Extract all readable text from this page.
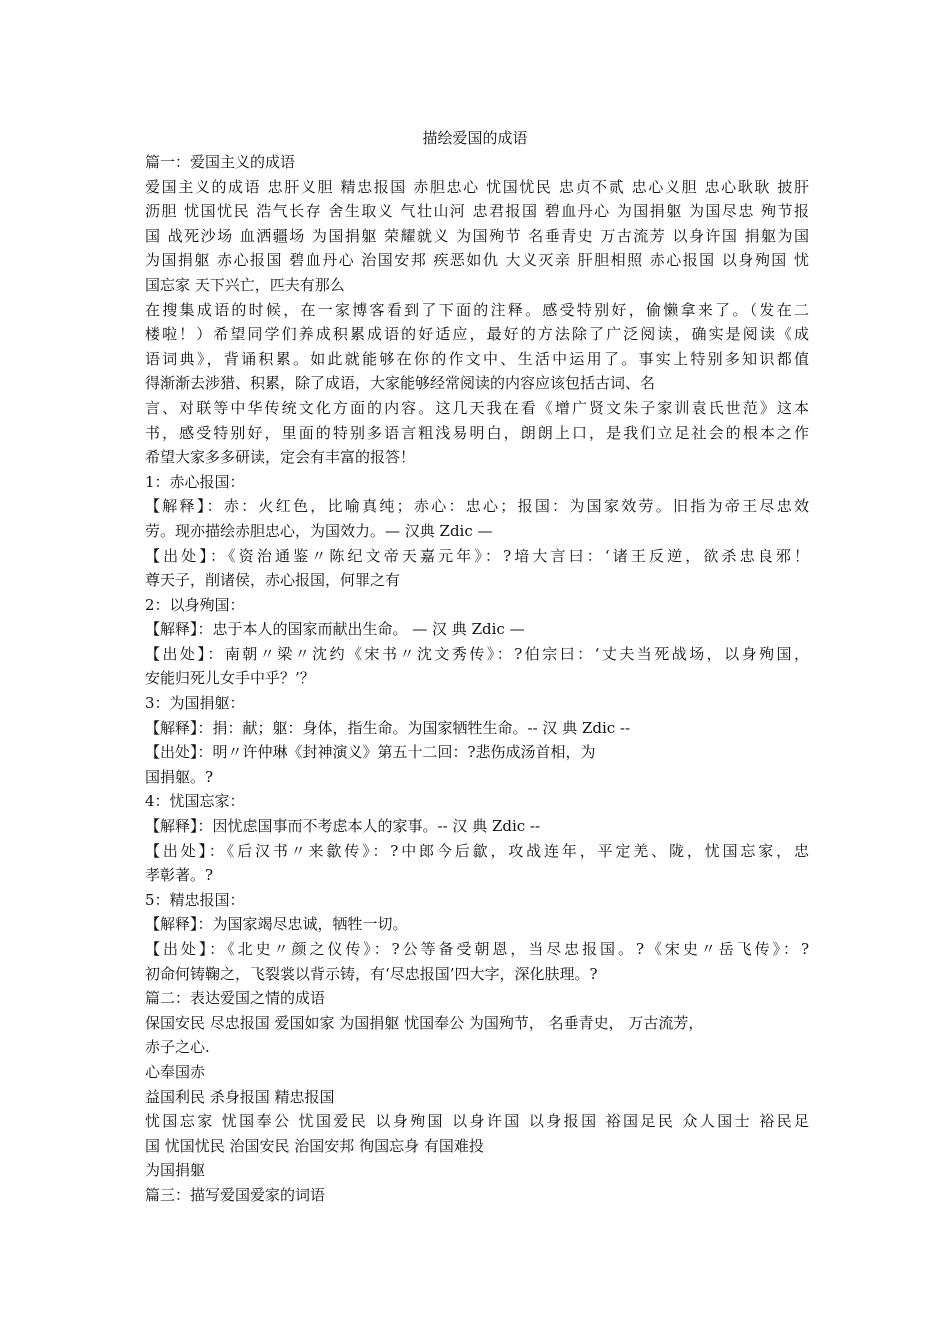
描绘爱国的成语
篇一：爱国主义的成语
爱国主义的成语 忠肝义胆 精忠报国 赤胆忠心 忧国忧民 忠贞不贰 忠心义胆 忠心耿耿 披肝
沥胆 忧国忧民 浩气长存 舍生取义 气壮山河 忠君报国 碧血丹心 为国捐躯 为国尽忠 殉节报
国 战死沙场 血洒疆场 为国捐躯 荣耀就义 为国殉节 名垂青史 万古流芳 以身许国 捐躯为国
为国捐躯 赤心报国 碧血丹心 治国安邦 疾恶如仇 大义灭亲 肝胆相照 赤心报国 以身殉国 忧
国忘家 天下兴亡，匹夫有那么
在搜集成语的时候，在一家博客看到了下面的注释。感受特别好，偷懒拿来了。（发在二
楼啦！）希望同学们养成积累成语的好适应，最好的方法除了广泛阅读，确实是阅读《成
语词典》，背诵积累。如此就能够在你的作文中、生活中运用了。事实上特别多知识都值
得渐渐去涉猎、积累，除了成语，大家能够经常阅读的内容应该包括古词、名
言、对联等中华传统文化方面的内容。这几天我在看《增广贤文朱子家训袁氏世范》这本
书，感受特别好，里面的特别多语言粗浅易明白，朗朗上口，是我们立足社会的根本之作
希望大家多多研读，定会有丰富的报答！
1：赤心报国：
【解释】：赤：火红色，比喻真纯；赤心：忠心；报国：为国家效劳。旧指为帝王尽忠效
劳。现亦描绘赤胆忠心，为国效力。— 汉典 Zdic —
【出处】：《资治通鉴〃陈纪文帝天嘉元年》：?堷大言曰：‘诸王反逆，欲杀忠良邪！
尊天子，削诸侯，赤心报国，何罪之有
2：以身殉国：
【解释】：忠于本人的国家而献出生命。 — 汉 典 Zdic —
【出处】：南朝〃梁〃沈约《宋书〃沈文秀传》：?伯宗曰：‘丈夫当死战场，以身殉国，
安能归死儿女手中乎？’？
3：为国捐躯：
【解释】：捐：献；躯：身体，指生命。为国家牺牲生命。-- 汉 典 Zdic --
【出处】：明〃许仲琳《封神演义》第五十二回：?悲伤成汤首相，为
国捐躯。?
4：忧国忘家：
【解释】：因忧虑国事而不考虑本人的家事。-- 汉 典 Zdic --
【出处】：《后汉书〃来歙传》：?中郎今后歙，攻战连年，平定羌、陇，忧国忘家，忠
孝彰著。?
5：精忠报国：
【解释】：为国家竭尽忠诚，牺牲一切。
【出处】：《北史〃颜之仪传》：?公等备受朝恩，当尽忠报国。?《宋史〃岳飞传》：?
初命何铸鞠之，飞裂裳以背示铸，有‘尽忠报国’四大字，深化肤理。?
篇二：表达爱国之情的成语
保国安民 尽忠报国 爱国如家 为国捐躯 忧国奉公 为国殉节， 名垂青史， 万古流芳，
赤子之心.
心奉国赤
益国利民 杀身报国 精忠报国
忧国忘家 忧国奉公 忧国爱民 以身殉国 以身许国 以身报国 裕国足民 众人国士 裕民足
国 忧国忧民 治国安民 治国安邦 徇国忘身 有国难投
为国捐躯
篇三：描写爱国爱家的词语
